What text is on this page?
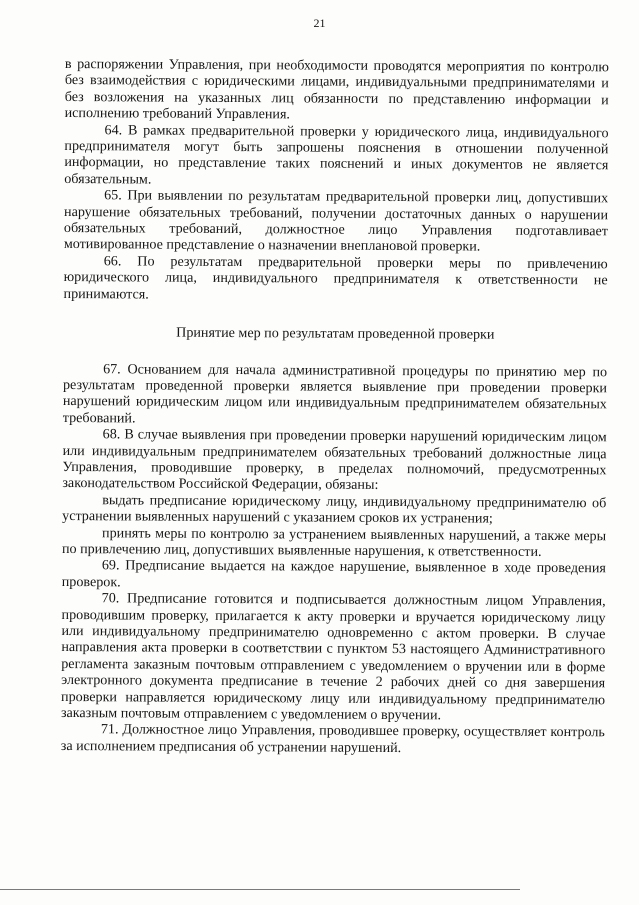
21

в распоряжении Управления, при необходимости проводятся мероприятия по контролю без взаимодействия с юридическими лицами, индивидуальными предпринимателями и без возложения на указанных лиц обязанности по представлению информации и исполнению требований Управления.

64. В рамках предварительной проверки у юридического лица, индивидуального предпринимателя могут быть запрошены пояснения в отношении полученной информации, но представление таких пояснений и иных документов не является обязательным.

65. При выявлении по результатам предварительной проверки лиц, допустивших нарушение обязательных требований, получении достаточных данных о нарушении обязательных требований, должностное лицо Управления подготавливает мотивированное представление о назначении внеплановой проверки.

66. По результатам предварительной проверки меры по привлечению юридического лица, индивидуального предпринимателя к ответственности не принимаются.

Принятие мер по результатам проведенной проверки

67. Основанием для начала административной процедуры по принятию мер по результатам проведенной проверки является выявление при проведении проверки нарушений юридическим лицом или индивидуальным предпринимателем обязательных требований.

68. В случае выявления при проведении проверки нарушений юридическим лицом или индивидуальным предпринимателем обязательных требований должностные лица Управления, проводившие проверку, в пределах полномочий, предусмотренных законодательством Российской Федерации, обязаны:

выдать предписание юридическому лицу, индивидуальному предпринимателю об устранении выявленных нарушений с указанием сроков их устранения;

принять меры по контролю за устранением выявленных нарушений, а также меры по привлечению лиц, допустивших выявленные нарушения, к ответственности.

69. Предписание выдается на каждое нарушение, выявленное в ходе проведения проверок.

70. Предписание готовится и подписывается должностным лицом Управления, проводившим проверку, прилагается к акту проверки и вручается юридическому лицу или индивидуальному предпринимателю одновременно с актом проверки. В случае направления акта проверки в соответствии с пунктом 53 настоящего Административного регламента заказным почтовым отправлением с уведомлением о вручении или в форме электронного документа предписание в течение 2 рабочих дней со дня завершения проверки направляется юридическому лицу или индивидуальному предпринимателю заказным почтовым отправлением с уведомлением о вручении.

71. Должностное лицо Управления, проводившее проверку, осуществляет контроль за исполнением предписания об устранении нарушений.
